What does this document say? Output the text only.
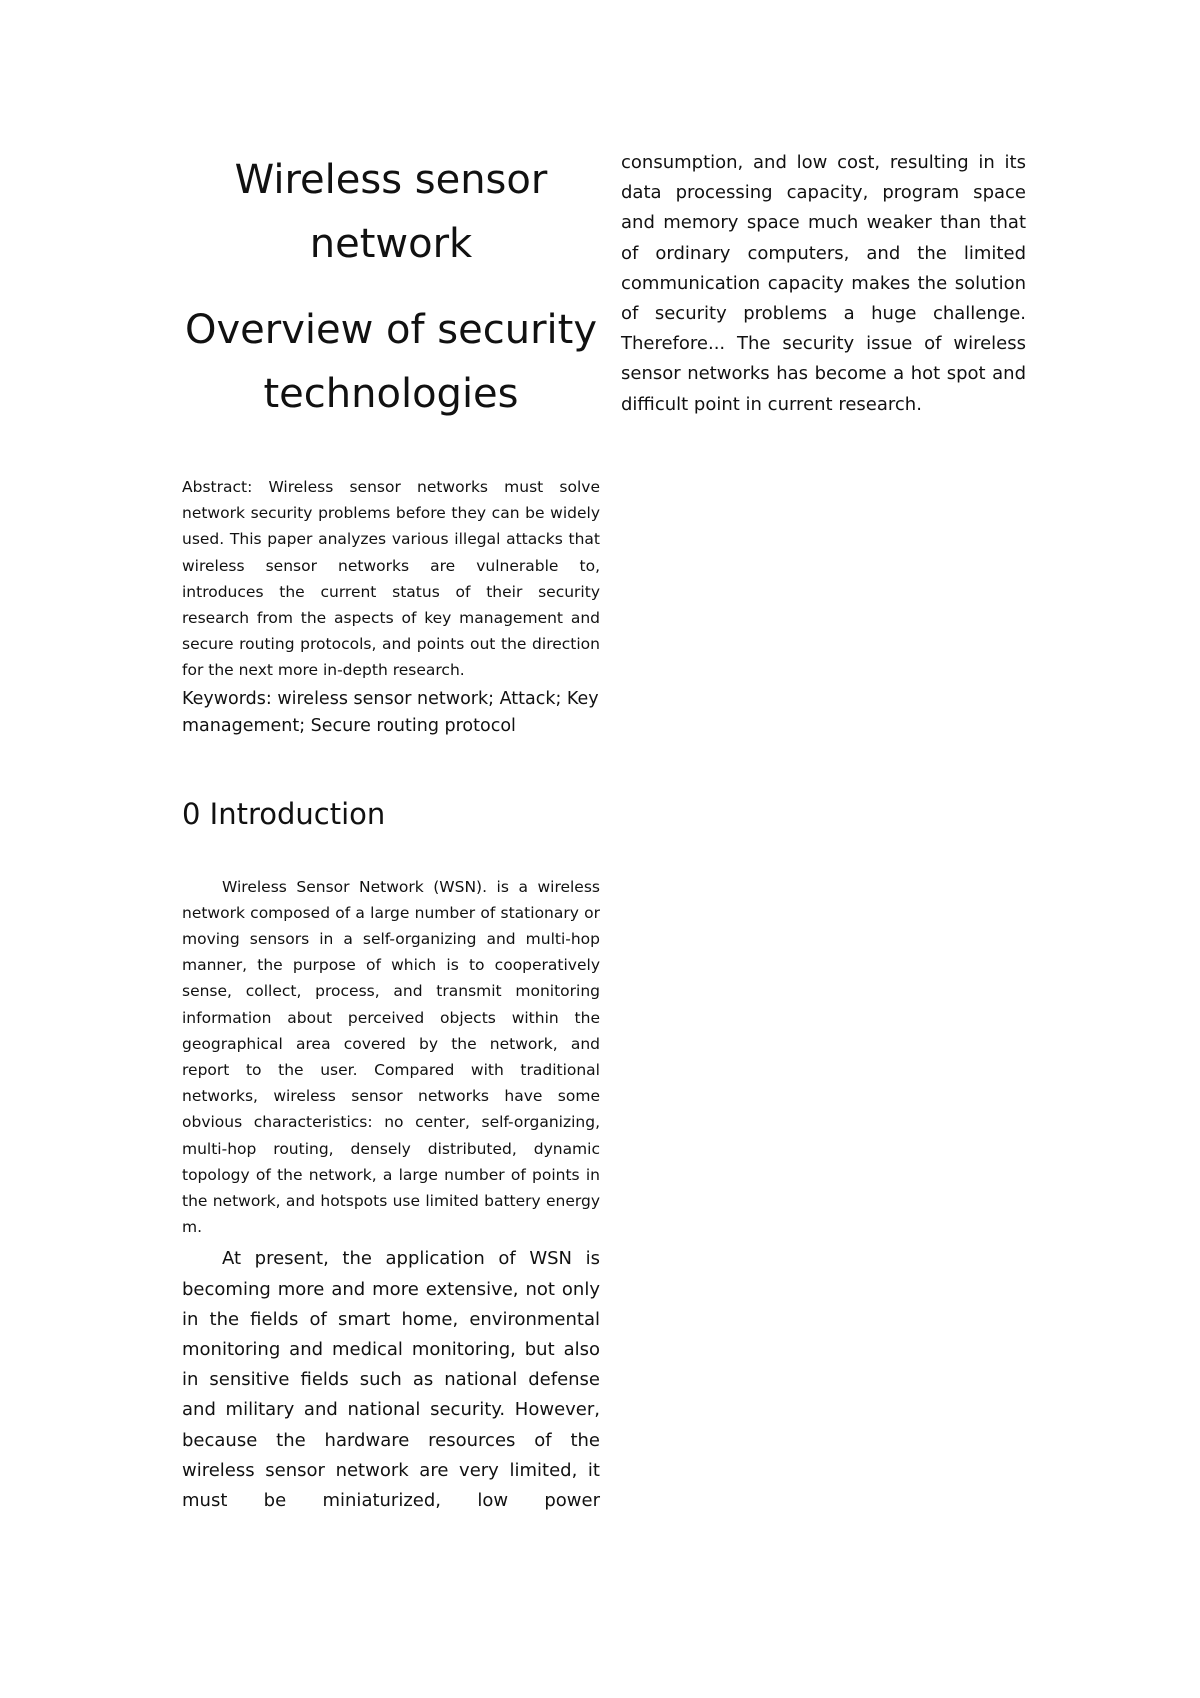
Wireless sensor network
Overview of security technologies

Abstract: Wireless sensor networks must solve network security problems before they can be widely used. This paper analyzes various illegal attacks that wireless sensor networks are vulnerable to, introduces the current status of their security research from the aspects of key management and secure routing protocols, and points out the direction for the next more in-depth research.

Keywords: wireless sensor network; Attack; Key management; Secure routing protocol

0 Introduction

Wireless Sensor Network (WSN). is a wireless network composed of a large number of stationary or moving sensors in a self-organizing and multi-hop manner, the purpose of which is to cooperatively sense, collect, process, and transmit monitoring information about perceived objects within the geographical area covered by the network, and report to the user. Compared with traditional networks, wireless sensor networks have some obvious characteristics: no center, self-organizing, multi-hop routing, densely distributed, dynamic topology of the network, a large number of points in the network, and hotspots use limited battery energy m.

At present, the application of WSN is becoming more and more extensive, not only in the fields of smart home, environmental monitoring and medical monitoring, but also in sensitive fields such as national defense and military and national security. However, because the hardware resources of the wireless sensor network are very limited, it must be miniaturized, low power

consumption, and low cost, resulting in its data processing capacity, program space and memory space much weaker than that of ordinary computers, and the limited communication capacity makes the solution of security problems a huge challenge. Therefore... The security issue of wireless sensor networks has become a hot spot and difficult point in current research.
